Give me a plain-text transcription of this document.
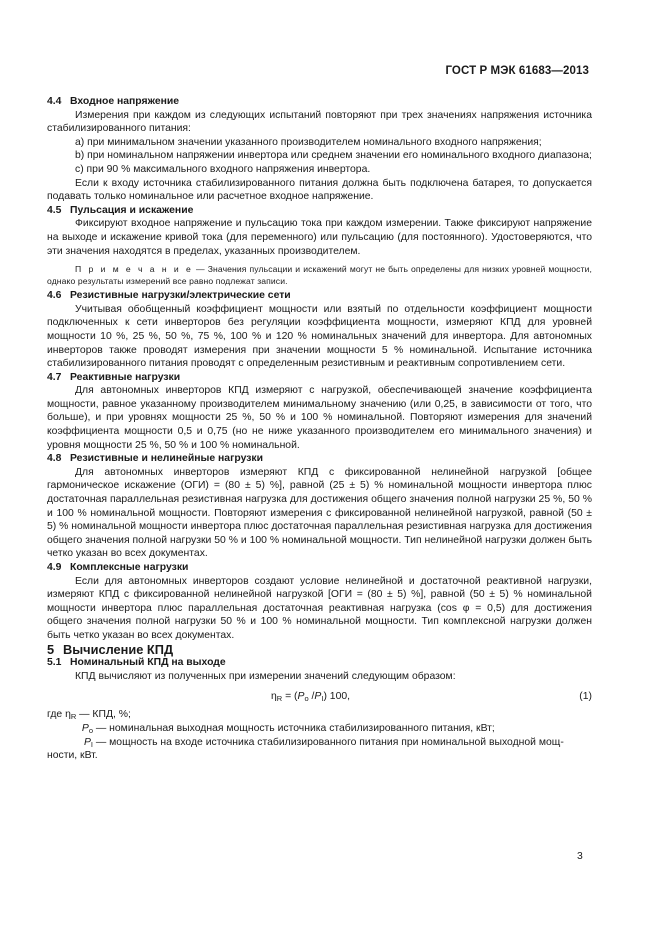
ГОСТ Р МЭК 61683—2013

4.4 Входное напряжение

Измерения при каждом из следующих испытаний повторяют при трех значениях напряжения источника стабилизированного питания:

а) при минимальном значении указанного производителем номинального входного напряжения;

b) при номинальном напряжении инвертора или среднем значении его номинального входного диапазона;

с) при 90 % максимального входного напряжения инвертора.

Если к входу источника стабилизированного питания должна быть подключена батарея, то допускается подавать только номинальное или расчетное входное напряжение.

4.5 Пульсация и искажение

Фиксируют входное напряжение и пульсацию тока при каждом измерении. Также фиксируют напряжение на выходе и искажение кривой тока (для переменного) или пульсацию (для постоянного). Удостоверяются, что эти значения находятся в пределах, указанных производителем.

П р и м е ч а н и е — Значения пульсации и искажений могут не быть определены для низких уровней мощности, однако результаты измерений все равно подлежат записи.

4.6 Резистивные нагрузки/электрические сети

Учитывая обобщенный коэффициент мощности или взятый по отдельности коэффициент мощности подключенных к сети инверторов без регуляции коэффициента мощности, измеряют КПД для уровней мощности 10 %, 25 %, 50 %, 75 %, 100 % и 120 % номинальных значений для инвертора. Для автономных инверторов также проводят измерения при значении мощности 5 % номинальной. Испытание источника стабилизированного питания проводят с определенным резистивным и реактивным сопротивлением сети.

4.7 Реактивные нагрузки

Для автономных инверторов КПД измеряют с нагрузкой, обеспечивающей значение коэффициента мощности, равное указанному производителем минимальному значению (или 0,25, в зависимости от того, что больше), и при уровнях мощности 25 %, 50 % и 100 % номинальной. Повторяют измерения для значений коэффициента мощности 0,5 и 0,75 (но не ниже указанного производителем его минимального значения) и уровня мощности 25 %, 50 % и 100 % номинальной.

4.8 Резистивные и нелинейные нагрузки

Для автономных инверторов измеряют КПД с фиксированной нелинейной нагрузкой [общее гармоническое искажение (ОГИ) = (80 ± 5) %], равной (25 ± 5) % номинальной мощности инвертора плюс достаточная параллельная резистивная нагрузка для достижения общего значения полной нагрузки 25 %, 50 % и 100 % номинальной мощности. Повторяют измерения с фиксированной нелинейной нагрузкой, равной (50 ± 5) % номинальной мощности инвертора плюс достаточная параллельная резистивная нагрузка для достижения общего значения полной нагрузки 50 % и 100 % номинальной мощности. Тип нелинейной нагрузки должен быть четко указан во всех документах.

4.9 Комплексные нагрузки

Если для автономных инверторов создают условие нелинейной и достаточной реактивной нагрузки, измеряют КПД с фиксированной нелинейной нагрузкой [ОГИ = (80 ± 5) %], равной (50 ± 5) % номинальной мощности инвертора плюс параллельная достаточная реактивная нагрузка (cos φ = 0,5) для достижения общего значения полной нагрузки 50 % и 100 % номинальной мощности. Тип комплексной нагрузки должен быть четко указан во всех документах.

5 Вычисление КПД

5.1 Номинальный КПД на выходе

КПД вычисляют из полученных при измерении значений следующим образом:

$\eta_R = (P_o$ $/P_I$) 100,	(1)
где $\eta_R$ — КПД, %;
$P_o$ — номинальная выходная мощность источника стабилизированного питания, кВт;
$P_I$ — мощность на входе источника стабилизированного питания при номинальной выходной мощ-
ности, кВт.
3
